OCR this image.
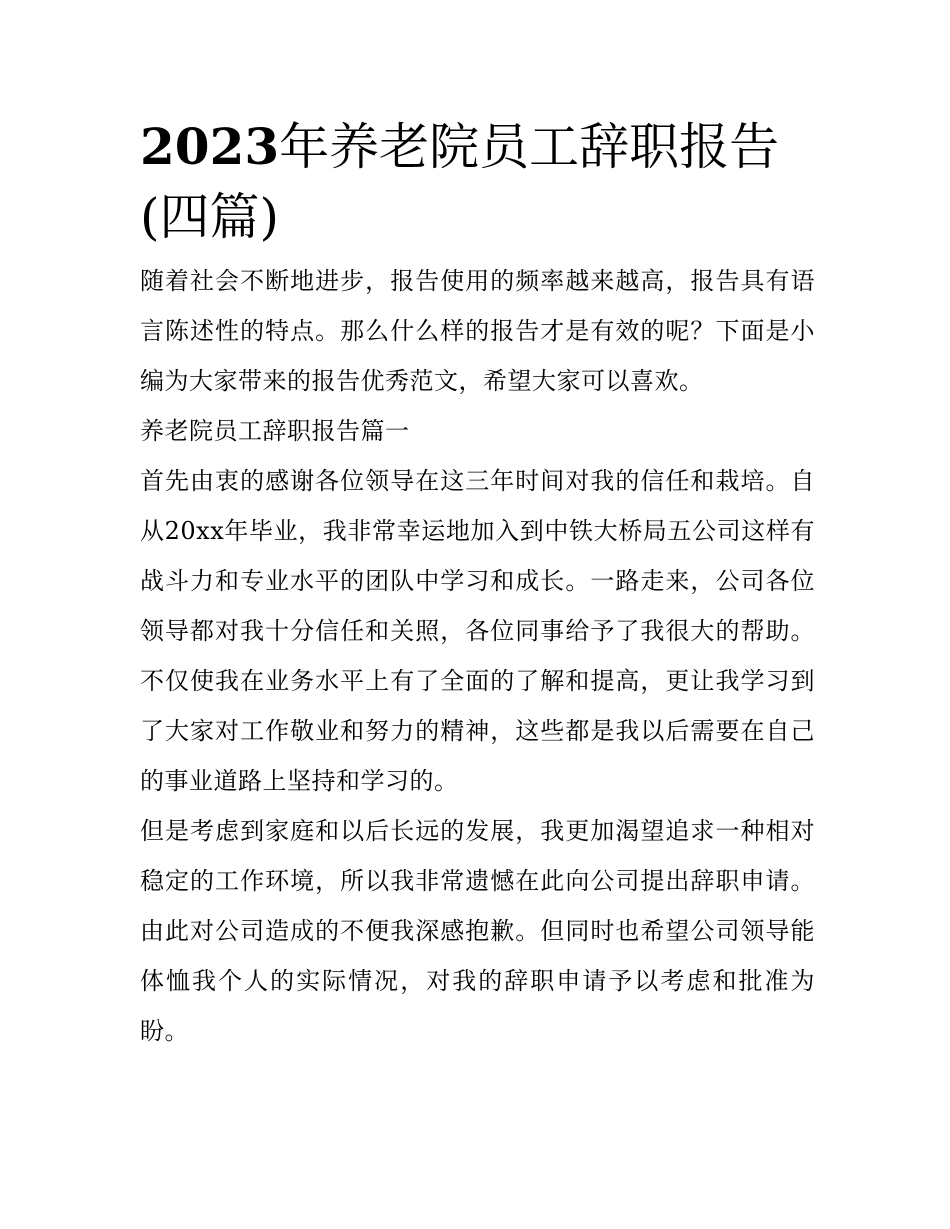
2023年养老院员工辞职报告(四篇)

随着社会不断地进步，报告使用的频率越来越高，报告具有语言陈述性的特点。那么什么样的报告才是有效的呢？下面是小编为大家带来的报告优秀范文，希望大家可以喜欢。

养老院员工辞职报告篇一

首先由衷的感谢各位领导在这三年时间对我的信任和栽培。自从20xx年毕业，我非常幸运地加入到中铁大桥局五公司这样有战斗力和专业水平的团队中学习和成长。一路走来，公司各位领导都对我十分信任和关照，各位同事给予了我很大的帮助。不仅使我在业务水平上有了全面的了解和提高，更让我学习到了大家对工作敬业和努力的精神，这些都是我以后需要在自己的事业道路上坚持和学习的。

但是考虑到家庭和以后长远的发展，我更加渴望追求一种相对稳定的工作环境，所以我非常遗憾在此向公司提出辞职申请。由此对公司造成的不便我深感抱歉。但同时也希望公司领导能体恤我个人的实际情况，对我的辞职申请予以考虑和批准为盼。
